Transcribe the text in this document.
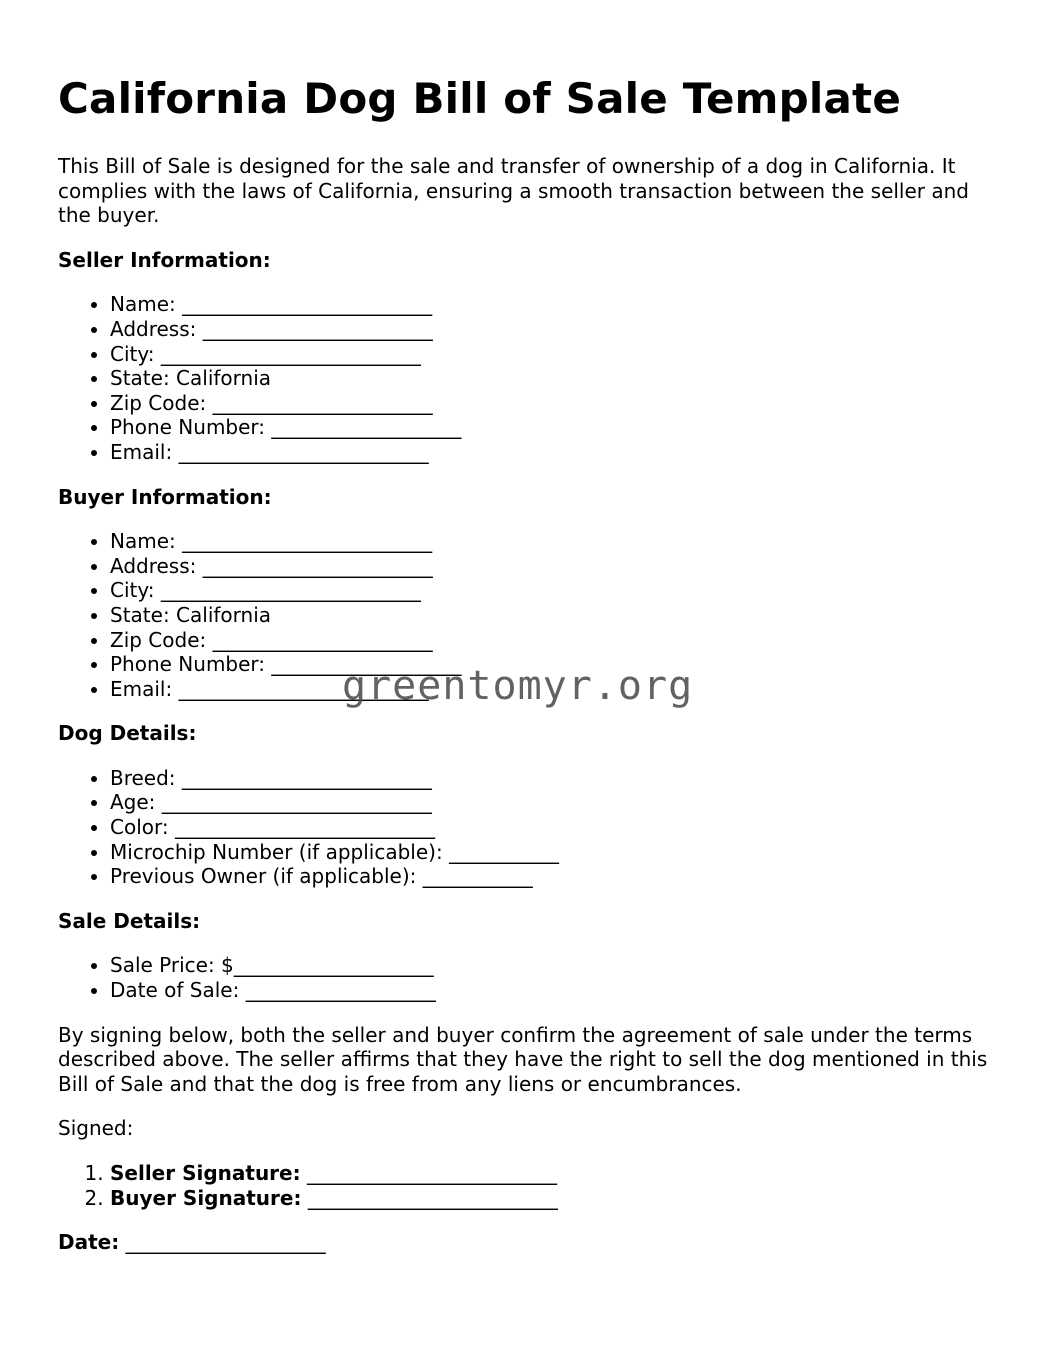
California Dog Bill of Sale Template

This Bill of Sale is designed for the sale and transfer of ownership of a dog in California. It complies with the laws of California, ensuring a smooth transaction between the seller and the buyer.

Seller Information:
• Name: _________________________
• Address: _______________________
• City: __________________________
• State: California
• Zip Code: ______________________
• Phone Number: ___________________
• Email: _________________________
Buyer Information:
• Name: _________________________
• Address: _______________________
• City: __________________________
• State: California
• Zip Code: ______________________
• Phone Number: ___________________
• Email: _________________________
Dog Details:
• Breed: _________________________
• Age: ___________________________
• Color: __________________________
• Microchip Number (if applicable): ___________
• Previous Owner (if applicable): ___________
Sale Details:
• Sale Price: $____________________
• Date of Sale: ___________________

By signing below, both the seller and buyer confirm the agreement of sale under the terms described above. The seller affirms that they have the right to sell the dog mentioned in this Bill of Sale and that the dog is free from any liens or encumbrances.

Signed:

1. Seller Signature: _________________________
2. Buyer Signature: _________________________
Date: ____________________
greentomyr.org
